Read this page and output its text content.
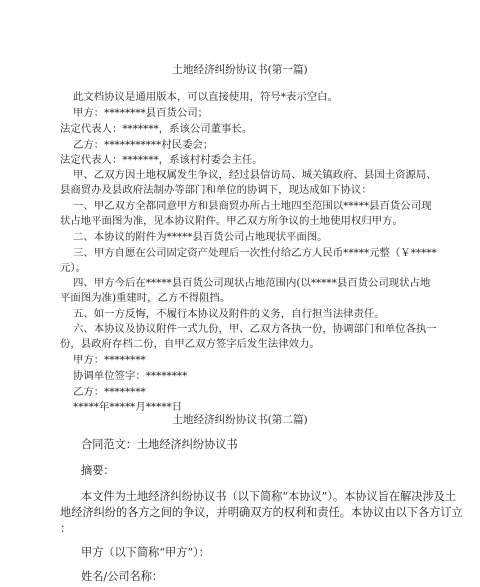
土地经济纠纷协议书(第一篇)
此文档协议是通用版本，可以直接使用，符号*表示空白。
甲方：********县百货公司；
法定代表人：*******，系该公司董事长。
乙方：***********村民委会；
法定代表人：*******，系该村村委会主任。
甲、乙双方因土地权属发生争议，经过县信访局、城关镇政府、县国土资源局、
县商贸办及县政府法制办等部门和单位的协调下，现达成如下协议：
一、甲乙双方全都同意甲方和县商贸办所占土地四至范围以*****县百货公司现
状占地平面图为准，见本协议附件。甲乙双方所争议的土地使用权归甲方。
二、本协议的附件为*****县百货公司占地现状平面图。
三、甲方自愿在公司固定资产处理后一次性付给乙方人民币*****元整（￥*****
元）。
四、甲方今后在*****县百货公司现状占地范围内(以*****县百货公司现状占地
平面图为准)重建时，乙方不得阻挡。
五、如一方反悔，不履行本协议及附件的义务，自行担当法律责任。
六、本协议及协议附件一式九份，甲、乙双方各执一份，协调部门和单位各执一
份，县政府存档二份，自甲乙双方签字后发生法律效力。
甲方：********
协调单位签字：********
乙方：********
*****年*****月*****日
土地经济纠纷协议书(第二篇)
合同范文：土地经济纠纷协议书
摘要：
本文件为土地经济纠纷协议书（以下简称“本协议”）。本协议旨在解决涉及土
地经济纠纷的各方之间的争议，并明确双方的权利和责任。本协议由以下各方订立
：
甲方（以下简称“甲方”）：
姓名/公司名称：
